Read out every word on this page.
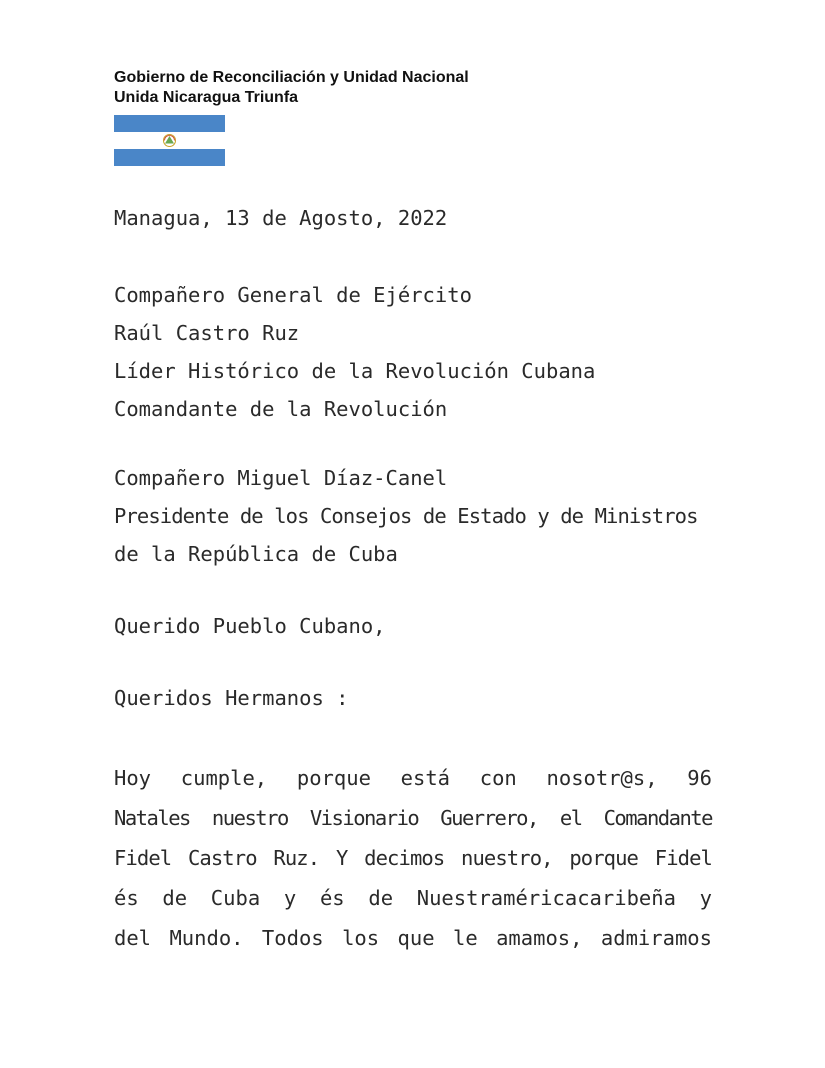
Gobierno de Reconciliación y Unidad Nacional
Unida Nicaragua Triunfa
Managua, 13 de Agosto, 2022
Compañero General de Ejército
Raúl Castro Ruz
Líder Histórico de la Revolución Cubana
Comandante de la Revolución
Compañero Miguel Díaz-Canel
Presidente de los Consejos de Estado y de Ministros
de la República de Cuba
Querido Pueblo Cubano,
Queridos Hermanos :
Hoy cumple, porque está con nosotr@s, 96
Natales nuestro Visionario Guerrero, el Comandante
Fidel Castro Ruz. Y decimos nuestro, porque Fidel
és de Cuba y és de Nuestraméricacaribeña y
del Mundo. Todos los que le amamos, admiramos
